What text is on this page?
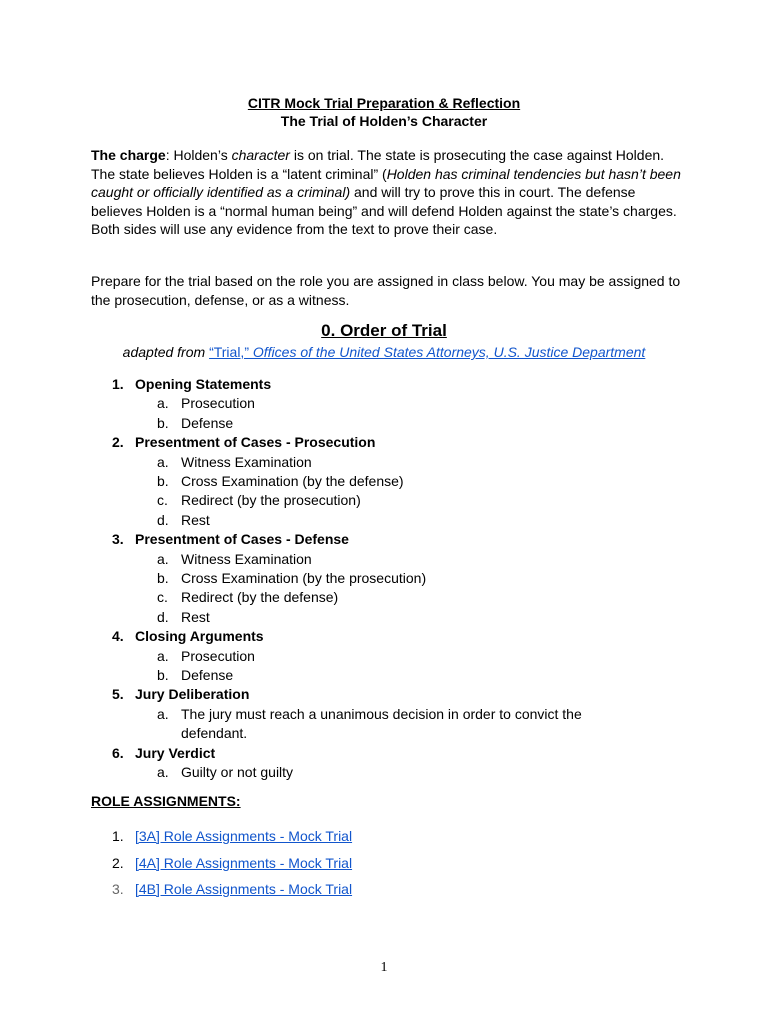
CITR Mock Trial Preparation & Reflection
The Trial of Holden’s Character
The charge: Holden’s character is on trial. The state is prosecuting the case against Holden. The state believes Holden is a “latent criminal” (Holden has criminal tendencies but hasn’t been caught or officially identified as a criminal) and will try to prove this in court. The defense believes Holden is a “normal human being” and will defend Holden against the state’s charges. Both sides will use any evidence from the text to prove their case.
Prepare for the trial based on the role you are assigned in class below. You may be assigned to the prosecution, defense, or as a witness.
0. Order of Trial
adapted from “Trial,” Offices of the United States Attorneys, U.S. Justice Department
1. Opening Statements
a. Prosecution
b. Defense
2. Presentment of Cases - Prosecution
a. Witness Examination
b. Cross Examination (by the defense)
c. Redirect (by the prosecution)
d. Rest
3. Presentment of Cases - Defense
a. Witness Examination
b. Cross Examination (by the prosecution)
c. Redirect (by the defense)
d. Rest
4. Closing Arguments
a. Prosecution
b. Defense
5. Jury Deliberation
a. The jury must reach a unanimous decision in order to convict the
defendant.
6. Jury Verdict
a. Guilty or not guilty
ROLE ASSIGNMENTS:
1. [3A] Role Assignments - Mock Trial
2. [4A] Role Assignments - Mock Trial
3. [4B] Role Assignments - Mock Trial
1
